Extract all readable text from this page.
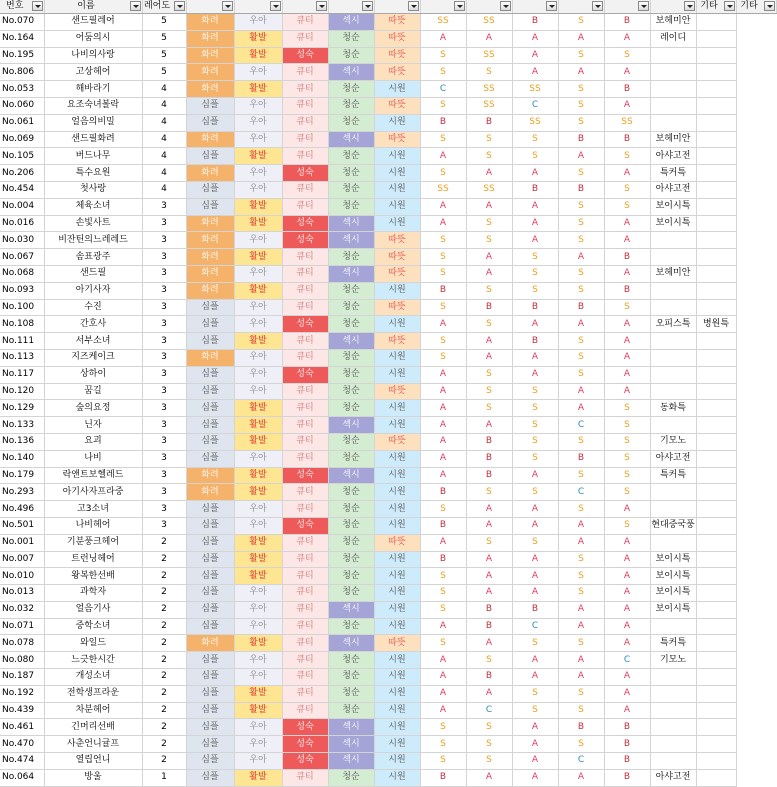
번호	이름	레어도												기타	기타

No.070	샌드필레어	5	화려	우아	큐티	섹시	따뜻	SS	SS	B	S	B	보헤미안		
No.164	어둠의시	5	화려	활발	큐티	청순	따뜻	A	A	A	A	A	레이디		
No.195	나비의사랑	5	화려	활발	성숙	청순	따뜻	S	SS	A	S	S			
No.806	고상헤어	5	화려	우아	큐티	섹시	따뜻	S	S	A	A	A			
No.053	해바라기	4	화려	활발	큐티	청순	시원	C	SS	SS	S	B			
No.060	요조숙녀볼락	4	심플	우아	큐티	청순	따뜻	S	SS	C	S	A			
No.061	얼음의비밀	4	심플	우아	큐티	청순	시원	B	B	SS	S	SS			
No.069	샌드필화려	4	화려	우아	큐티	섹시	따뜻	S	S	S	B	B	보헤미안		
No.105	버드나무	4	심플	활발	큐티	청순	시원	A	S	S	A	S	아샤고전		
No.206	특수요원	4	화려	우아	성숙	청순	시원	S	A	A	S	A	특커특		
No.454	첫사랑	4	심플	우아	큐티	청순	시원	SS	SS	B	B	S	아샤고전		
No.004	체육소녀	3	심플	활발	큐티	청순	시원	A	A	A	S	S	보이시특		
No.016	손빛사트	3	화려	활발	성숙	섹시	시원	A	S	A	S	A	보이시특		
No.030	비잔틴의느레레드	3	화려	우아	성숙	섹시	따뜻	S	S	A	S	A			
No.067	솜표광주	3	화려	활발	큐티	청순	따뜻	S	A	S	A	B			
No.068	샌드필	3	화려	우아	큐티	섹시	따뜻	S	A	S	S	A	보헤미안		
No.093	아기사자	3	화려	활발	큐티	청순	시원	B	S	S	S	B			
No.100	수진	3	심플	우아	큐티	청순	따뜻	S	B	B	B	S			
No.108	간호사	3	심플	우아	성숙	청순	시원	A	S	A	A	A	오피스특	병원특	
No.111	서부소녀	3	심플	활발	큐티	섹시	따뜻	S	A	B	S	A			
No.113	지즈케이크	3	화려	우아	큐티	청순	시원	S	A	A	S	A			
No.117	상하이	3	심플	우아	성숙	청순	시원	A	S	A	S	A			
No.120	꿈길	3	심플	우아	큐티	청순	따뜻	A	S	S	A	A			
No.129	숲의요정	3	심플	활발	큐티	청순	시원	A	S	S	A	S	동화특		
No.133	닌자	3	심플	활발	큐티	섹시	시원	A	A	S	C	S			
No.136	요괴	3	심플	활발	큐티	청순	따뜻	A	B	S	S	S	기모노		
No.140	나비	3	심플	우아	큐티	청순	시원	A	B	S	B	S	아샤고전		
No.179	락앤트보헬레드	3	화려	활발	성숙	섹시	시원	A	B	A	S	S	특커특		
No.293	아기사자프라중	3	화려	활발	큐티	청순	시원	B	S	S	C	S			
No.496	고3소녀	3	심플	우아	큐티	청순	시원	S	A	A	S	A			
No.501	나비헤어	3	심플	우아	성숙	청순	시원	B	A	A	A	S	현대중국풍		
No.001	기분풍크헤어	2	심플	활발	큐티	청순	따뜻	A	S	S	A	A			
No.007	트런닝헤어	2	심플	활발	큐티	청순	시원	B	A	A	S	A	보이시특		
No.010	왕복한선배	2	심플	활발	큐티	청순	시원	S	A	A	S	A	보이시특		
No.013	과학자	2	심플	우아	큐티	청순	시원	S	A	A	S	A	보이시특		
No.032	얼음기사	2	심플	우아	큐티	섹시	시원	S	B	B	A	A	보이시특		
No.071	중학소녀	2	심플	우아	큐티	청순	시원	A	B	C	A	A			
No.078	와일드	2	화려	활발	큐티	섹시	따뜻	S	A	S	S	A	특커특		
No.080	느긋한시간	2	심플	우아	큐티	청순	시원	A	S	A	A	C	기모노		
No.187	개성소녀	2	심플	우아	큐티	청순	시원	A	B	A	A	A			
No.192	전학생프라운	2	심플	활발	큐티	청순	시원	A	A	S	S	A			
No.439	차분헤어	2	심플	활발	큐티	청순	시원	A	C	S	S	A			
No.461	긴머리선배	2	심플	우아	성숙	섹시	시원	S	S	A	B	B			
No.470	사춘언니귤프	2	심플	우아	성숙	섹시	시원	S	S	A	S	B			
No.474	열립언니	2	심플	우아	성숙	섹시	시원	S	S	A	C	B			
No.064	방울	1	심플	활발	큐티	청순	시원	B	A	A	A	B	아샤고전		
